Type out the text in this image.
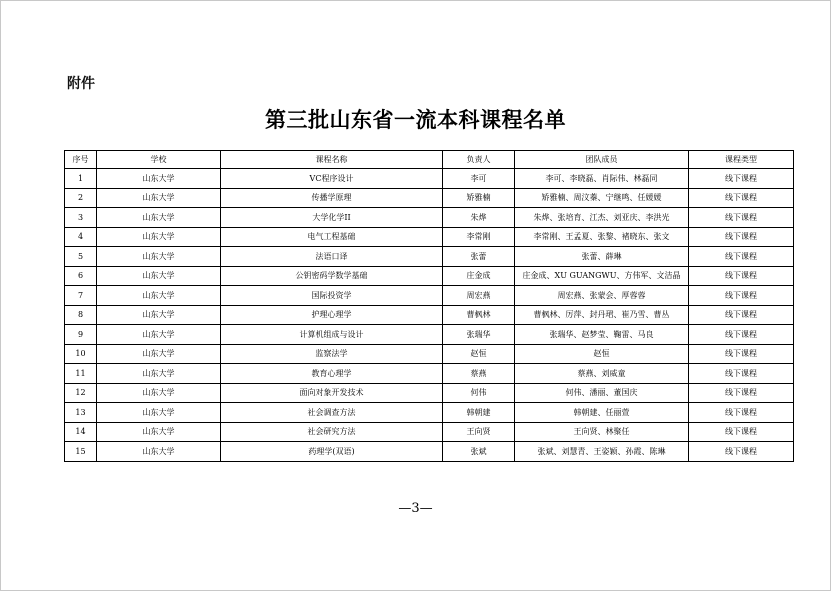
附件
第三批山东省一流本科课程名单
序号	学校	课程名称	负责人	团队成员	课程类型
1	山东大学	VC程序设计	李可	李可、李晓磊、肖际伟、林磊同	线下课程
2	山东大学	传播学原理	矫雅楠	矫雅楠、周汶蓁、宁继鸣、任媛媛	线下课程
3	山东大学	大学化学II	朱烨	朱烨、张培育、江杰、刘亚庆、李洪光	线下课程
4	山东大学	电气工程基础	李常刚	李常刚、王孟夏、张黎、褚晓东、张文	线下课程
5	山东大学	法语口译	张蕾	张蕾、薛琳	线下课程
6	山东大学	公钥密码学数学基础	庄金成	庄金成、XU GUANGWU、方伟军、文洁晶	线下课程
7	山东大学	国际投资学	周宏燕	周宏燕、张蒙会、厚蓉蓉	线下课程
8	山东大学	护理心理学	曹枫林	曹枫林、厉萍、封丹珺、崔乃雪、曹丛	线下课程
9	山东大学	计算机组成与设计	张瑞华	张瑞华、赵梦莹、鞠雷、马良	线下课程
10	山东大学	监察法学	赵恒	赵恒	线下课程
11	山东大学	教育心理学	蔡燕	蔡燕、刘威童	线下课程
12	山东大学	面向对象开发技术	何伟	何伟、潘丽、董国庆	线下课程
13	山东大学	社会调查方法	韩朝建	韩朝建、任丽萱	线下课程
14	山东大学	社会研究方法	王向贤	王向贤、林聚任	线下课程
15	山东大学	药理学(双语)	张斌	张斌、刘慧青、王姿颖、孙霞、陈琳	线下课程
—3—
